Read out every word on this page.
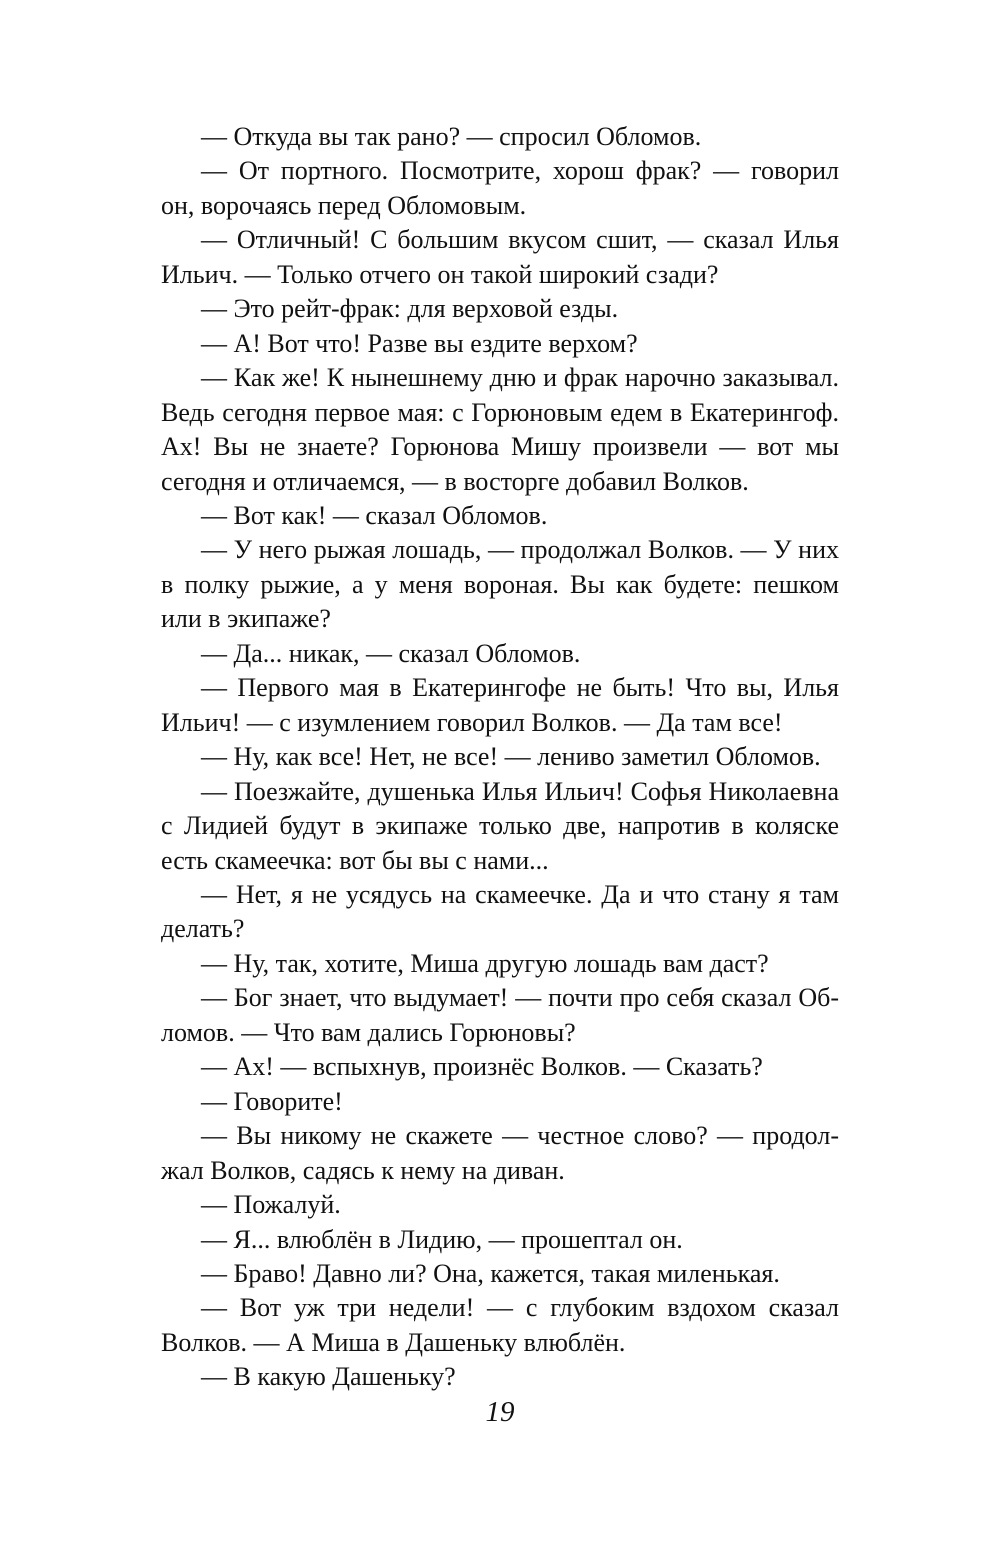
— Откуда вы так рано? — спросил Обломов.

— От портного. Посмотрите, хорош фрак? — говорил он, ворочаясь перед Обломовым.

— Отличный! С большим вкусом сшит, — сказал Илья Ильич. — Только отчего он такой широкий сзади?

— Это рейт-фрак: для верховой езды.

— А! Вот что! Разве вы ездите верхом?

— Как же! К нынешнему дню и фрак нарочно заказывал. Ведь сегодня первое мая: с Горюновым едем в Екатерингоф. Ах! Вы не знаете? Горюнова Мишу произвели — вот мы сегодня и отличаемся, — в восторге добавил Волков.

— Вот как! — сказал Обломов.

— У него рыжая лошадь, — продолжал Волков. — У них в полку рыжие, а у меня вороная. Вы как будете: пешком или в экипаже?

— Да... никак, — сказал Обломов.

— Первого мая в Екатерингофе не быть! Что вы, Илья Ильич! — с изумлением говорил Волков. — Да там все!

— Ну, как все! Нет, не все! — лениво заметил Обломов.

— Поезжайте, душенька Илья Ильич! Софья Николаевна с Лидией будут в экипаже только две, напротив в коляске есть скамеечка: вот бы вы с нами...

— Нет, я не усядусь на скамеечке. Да и что стану я там делать?

— Ну, так, хотите, Миша другую лошадь вам даст?

— Бог знает, что выдумает! — почти про себя сказал Обломов. — Что вам дались Горюновы?

— Ах! — вспыхнув, произнёс Волков. — Сказать?

— Говорите!

— Вы никому не скажете — честное слово? — продолжал Волков, садясь к нему на диван.

— Пожалуй.

— Я... влюблён в Лидию, — прошептал он.

— Браво! Давно ли? Она, кажется, такая миленькая.

— Вот уж три недели! — с глубоким вздохом сказал Волков. — А Миша в Дашеньку влюблён.

— В какую Дашеньку?

19
